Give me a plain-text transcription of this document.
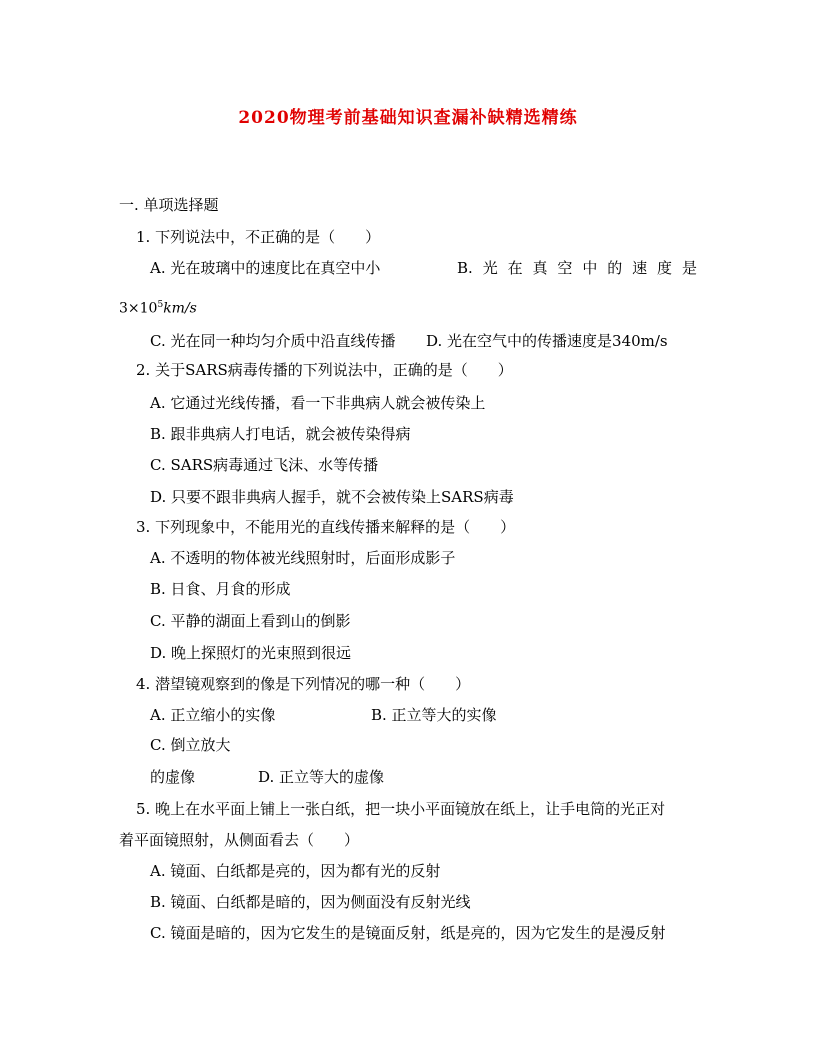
2020物理考前基础知识查漏补缺精选精练
一. 单项选择题
1. 下列说法中，不正确的是（　　）
A. 光在玻璃中的速度比在真空中小	B. 光 在 真 空 中 的 速 度 是
$3\times 10^5km/s$
C. 光在同一种均匀介质中沿直线传播 D. 光在空气中的传播速度是340m/s
2. 关于SARS病毒传播的下列说法中，正确的是（　　）
A. 它通过光线传播，看一下非典病人就会被传染上
B. 跟非典病人打电话，就会被传染得病
C. SARS病毒通过飞沫、水等传播
D. 只要不跟非典病人握手，就不会被传染上SARS病毒
3. 下列现象中，不能用光的直线传播来解释的是（　　）
A. 不透明的物体被光线照射时，后面形成影子
B. 日食、月食的形成
C. 平静的湖面上看到山的倒影
D. 晚上探照灯的光束照到很远
4. 潜望镜观察到的像是下列情况的哪一种（　　）
A. 正立缩小的实像	B. 正立等大的实像
C. 倒立放大
的虚像	D. 正立等大的虚像
5. 晚上在水平面上铺上一张白纸，把一块小平面镜放在纸上，让手电筒的光正对
着平面镜照射，从侧面看去（　　）
A. 镜面、白纸都是亮的，因为都有光的反射
B. 镜面、白纸都是暗的，因为侧面没有反射光线
C. 镜面是暗的，因为它发生的是镜面反射，纸是亮的，因为它发生的是漫反射
